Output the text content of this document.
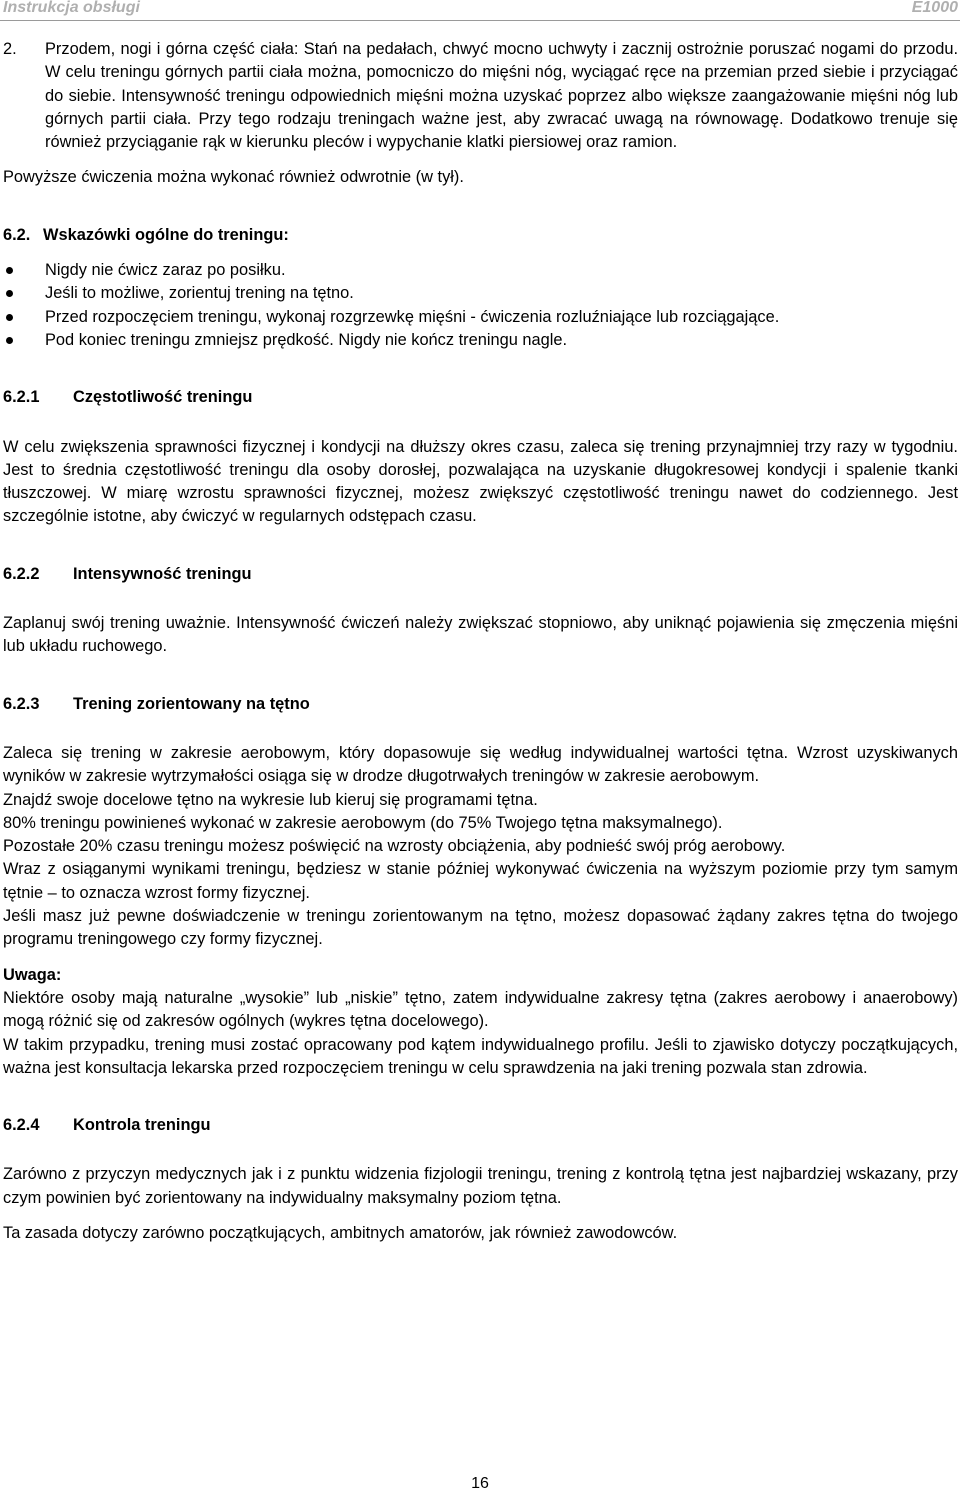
Instrukcja obsługi	E1000
2.	Przodem, nogi i górna część ciała: Stań na pedałach, chwyć mocno uchwyty i zacznij ostrożnie poruszać nogami do przodu. W celu treningu górnych partii ciała można, pomocniczo do mięśni nóg, wyciągać ręce na przemian przed siebie i przyciągać do siebie. Intensywność treningu odpowiednich mięśni można uzyskać poprzez albo większe zaangażowanie mięśni nóg lub górnych partii ciała. Przy tego rodzaju treningach ważne jest, aby zwracać uwagą na równowagę. Dodatkowo trenuje się również przyciąganie rąk w kierunku pleców i wypychanie klatki piersiowej oraz ramion.

Powyższe ćwiczenia można wykonać również odwrotnie (w tył).

6.2. Wskazówki ogólne do treningu:
Nigdy nie ćwicz zaraz po posiłku.
Jeśli to możliwe, zorientuj trening na tętno.
Przed rozpoczęciem treningu, wykonaj rozgrzewkę mięśni - ćwiczenia rozluźniające lub rozciągające.
Pod koniec treningu zmniejsz prędkość. Nigdy nie kończ treningu nagle.
6.2.1	Częstotliwość treningu

W celu zwiększenia sprawności fizycznej i kondycji na dłuższy okres czasu, zaleca się trening przynajmniej trzy razy w tygodniu. Jest to średnia częstotliwość treningu dla osoby dorosłej, pozwalająca na uzyskanie długokresowej kondycji i spalenie tkanki tłuszczowej. W miarę wzrostu sprawności fizycznej, możesz zwiększyć częstotliwość treningu nawet do codziennego. Jest szczególnie istotne, aby ćwiczyć w regularnych odstępach czasu.

6.2.2	Intensywność treningu

Zaplanuj swój trening uważnie. Intensywność ćwiczeń należy zwiększać stopniowo, aby uniknąć pojawienia się zmęczenia mięśni lub układu ruchowego.

6.2.3	Trening zorientowany na tętno

Zaleca się trening w zakresie aerobowym, który dopasowuje się według indywidualnej wartości tętna. Wzrost uzyskiwanych wyników w zakresie wytrzymałości osiąga się w drodze długotrwałych treningów w zakresie aerobowym.

Znajdź swoje docelowe tętno na wykresie lub kieruj się programami tętna.

80% treningu powinieneś wykonać w zakresie aerobowym (do 75% Twojego tętna maksymalnego).

Pozostałe 20% czasu treningu możesz poświęcić na wzrosty obciążenia, aby podnieść swój próg aerobowy.

Wraz z osiąganymi wynikami treningu, będziesz w stanie później wykonywać ćwiczenia na wyższym poziomie przy tym samym tętnie – to oznacza wzrost formy fizycznej.

Jeśli masz już pewne doświadczenie w treningu zorientowanym na tętno, możesz dopasować żądany zakres tętna do twojego programu treningowego czy formy fizycznej.

Uwaga:

Niektóre osoby mają naturalne „wysokie” lub „niskie” tętno, zatem indywidualne zakresy tętna (zakres aerobowy i anaerobowy) mogą różnić się od zakresów ogólnych (wykres tętna docelowego).

W takim przypadku, trening musi zostać opracowany pod kątem indywidualnego profilu. Jeśli to zjawisko dotyczy początkujących, ważna jest konsultacja lekarska przed rozpoczęciem treningu w celu sprawdzenia na jaki trening pozwala stan zdrowia.

6.2.4	Kontrola treningu

Zarówno z przyczyn medycznych jak i z punktu widzenia fizjologii treningu, trening z kontrolą tętna jest najbardziej wskazany, przy czym powinien być zorientowany na indywidualny maksymalny poziom tętna.

Ta zasada dotyczy zarówno początkujących, ambitnych amatorów, jak również zawodowców.

16
